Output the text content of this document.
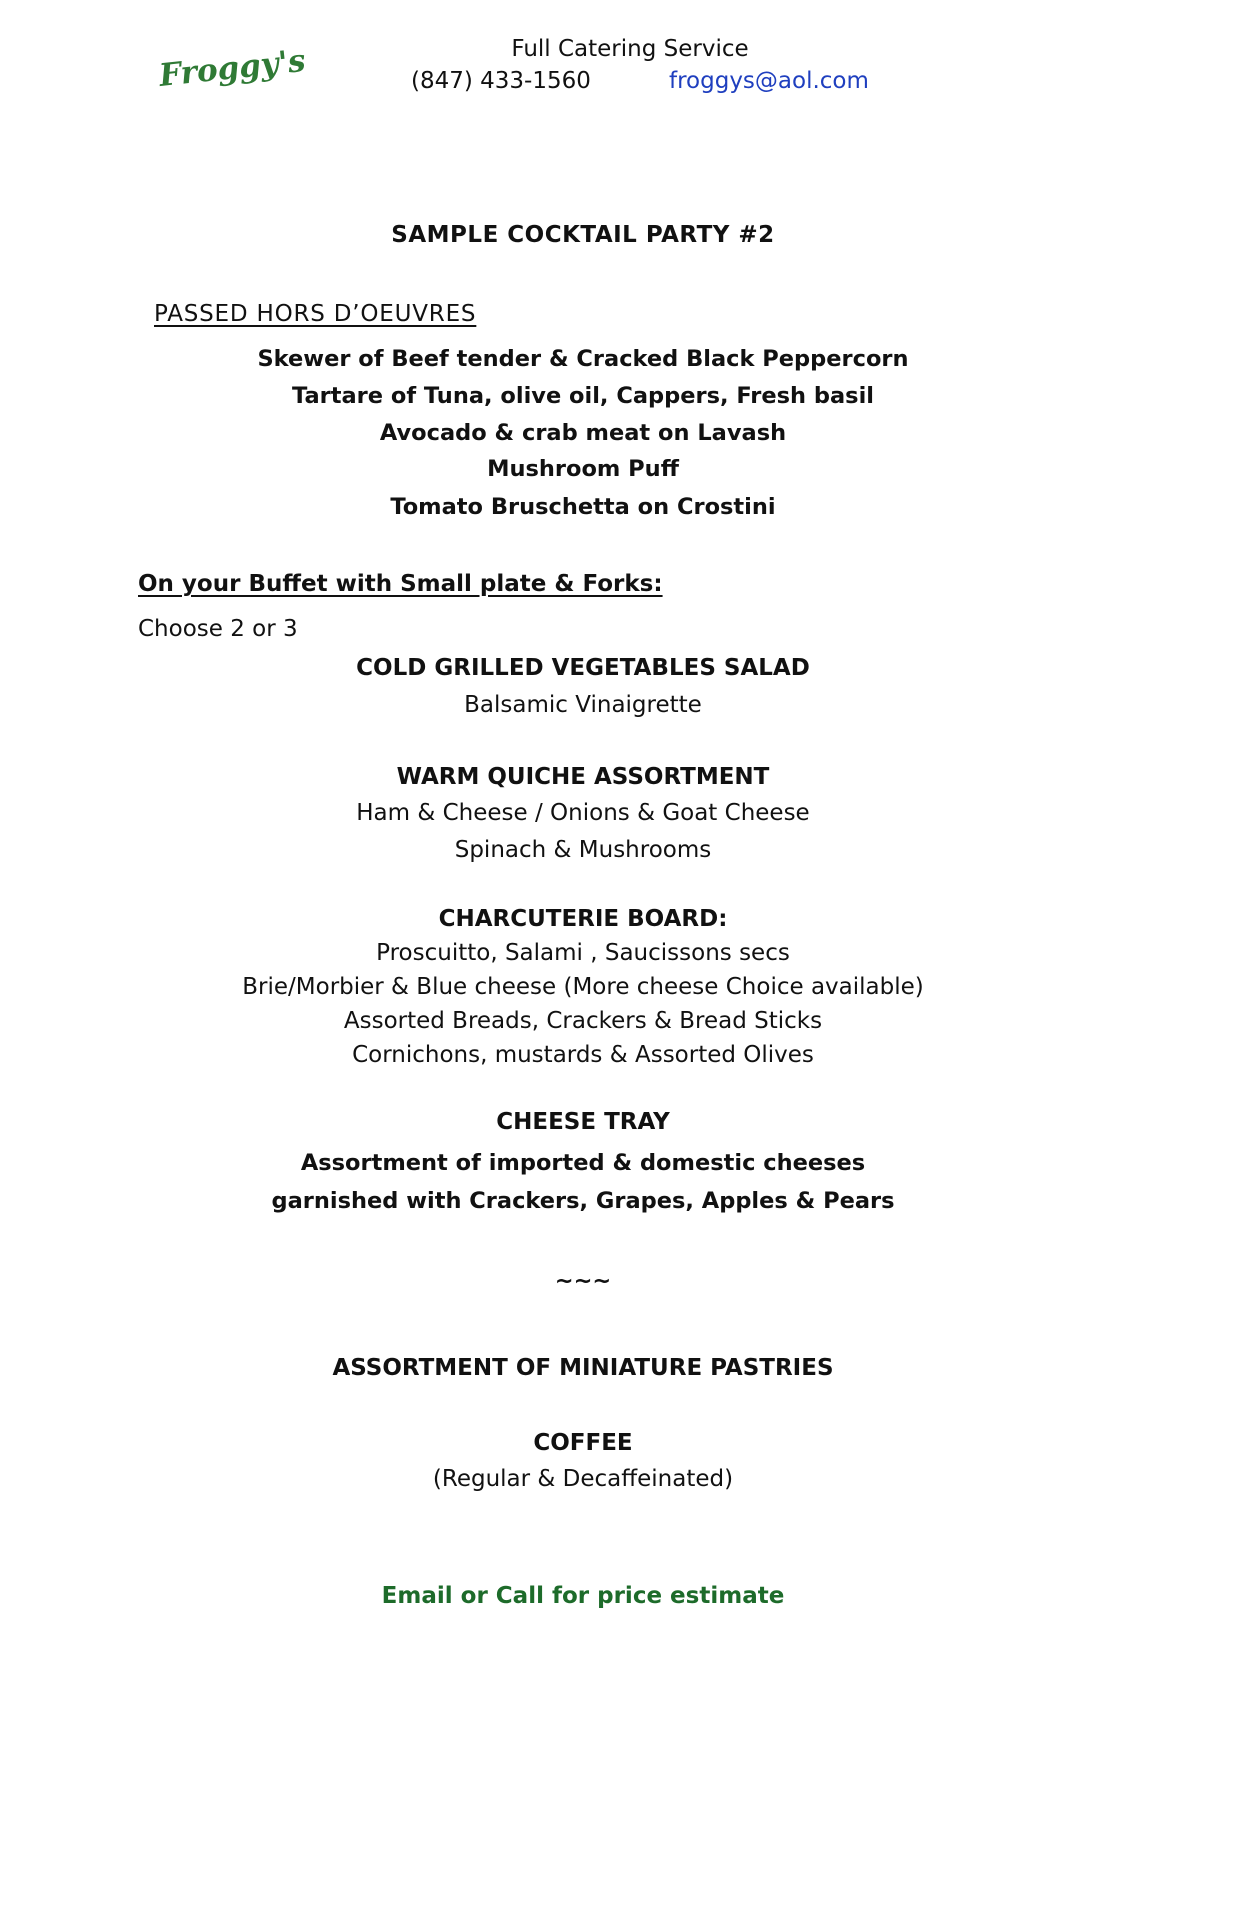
Froggy's	Full Catering Service
(847) 433-1560	froggys@aol.com
SAMPLE COCKTAIL PARTY #2
PASSED HORS D’OEUVRES
Skewer of Beef tender & Cracked Black Peppercorn
Tartare of Tuna, olive oil, Cappers, Fresh basil
Avocado & crab meat on Lavash
Mushroom Puff
Tomato Bruschetta on Crostini
On your Buffet with Small plate & Forks:
Choose 2 or 3
COLD GRILLED VEGETABLES SALAD
Balsamic Vinaigrette
WARM QUICHE ASSORTMENT
Ham & Cheese / Onions & Goat Cheese
Spinach & Mushrooms
CHARCUTERIE BOARD:
Proscuitto, Salami , Saucissons secs
Brie/Morbier & Blue cheese (More cheese Choice available)
Assorted Breads, Crackers & Bread Sticks
Cornichons, mustards & Assorted Olives
CHEESE TRAY
Assortment of imported & domestic cheeses
garnished with Crackers, Grapes, Apples & Pears
~~~
ASSORTMENT OF MINIATURE PASTRIES
COFFEE
(Regular & Decaffeinated)
Email or Call for price estimate
